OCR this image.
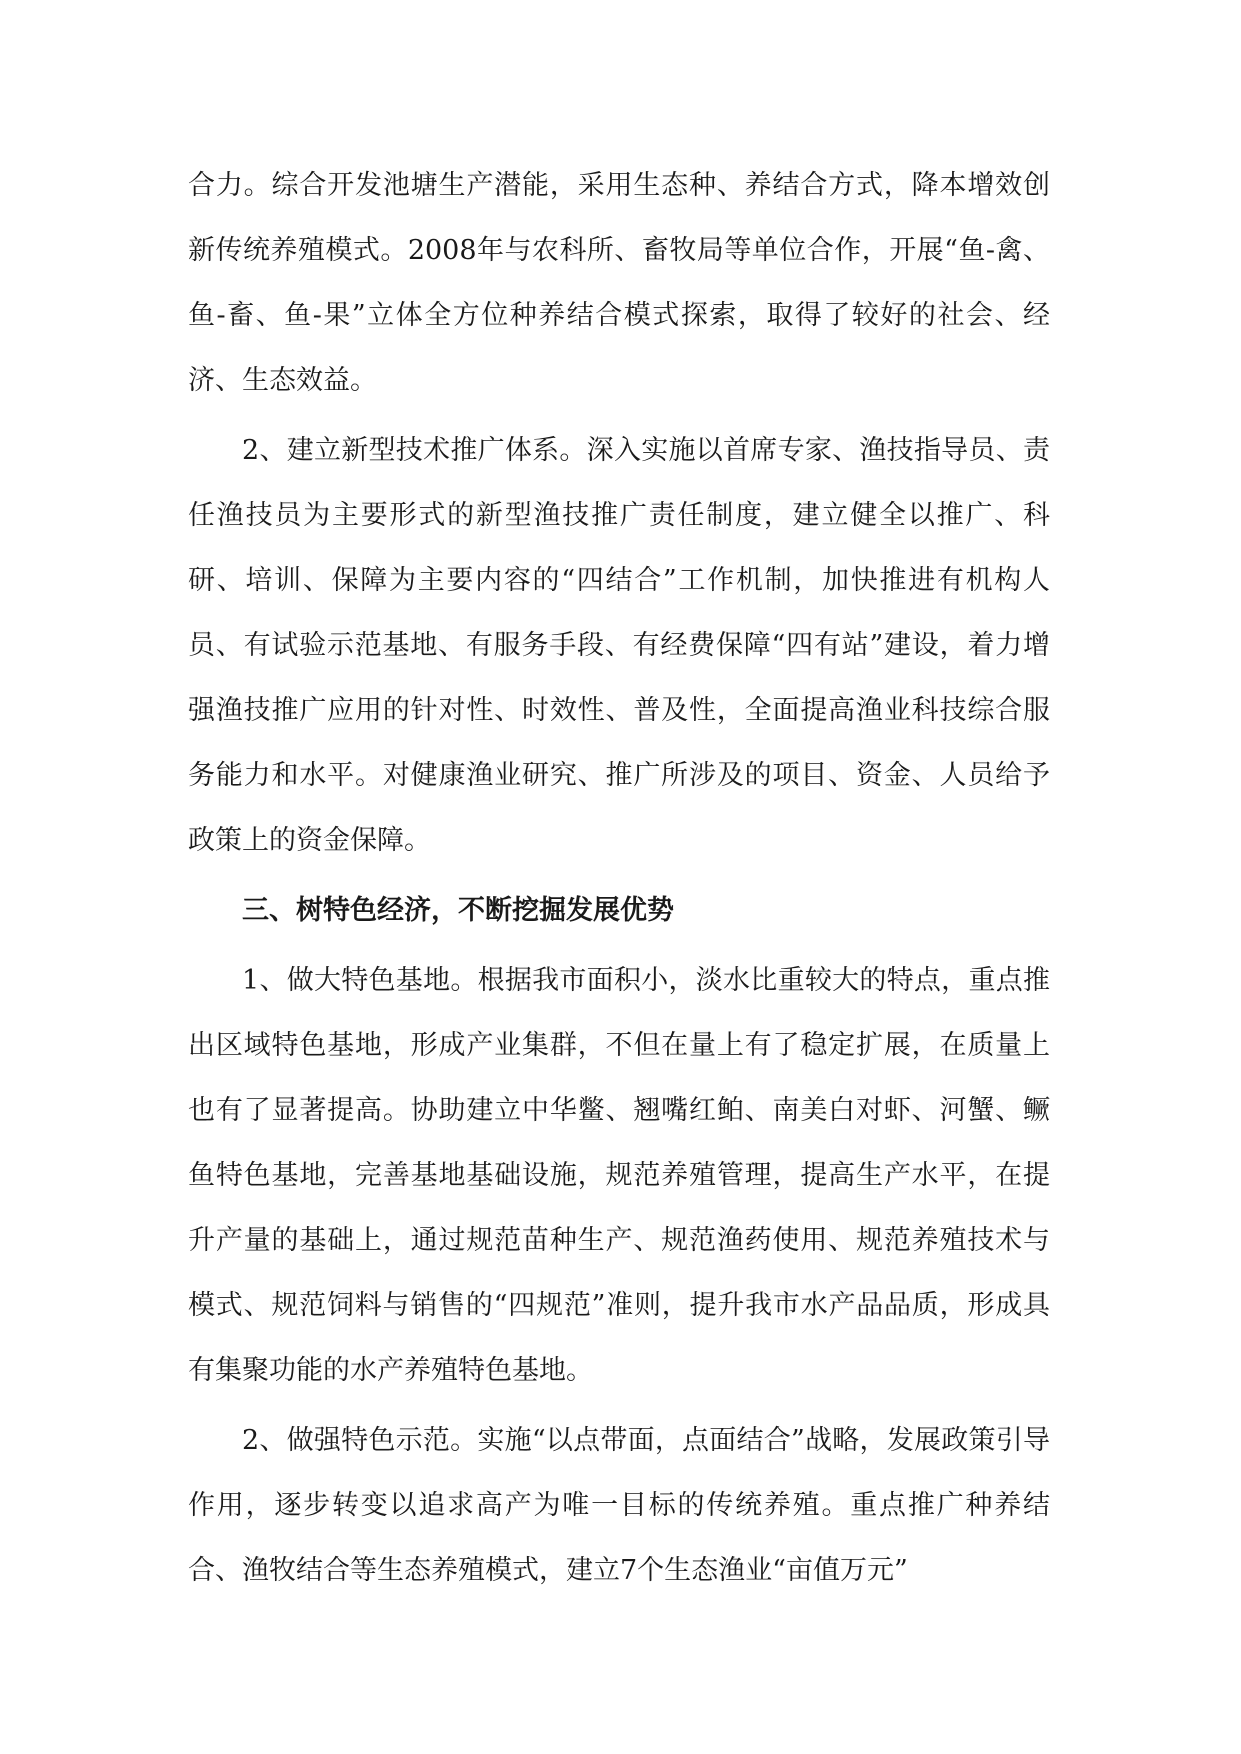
合力。综合开发池塘生产潜能，采用生态种、养结合方式，降本增效创新传统养殖模式。2008年与农科所、畜牧局等单位合作，开展“鱼-禽、鱼-畜、鱼-果”立体全方位种养结合模式探索，取得了较好的社会、经济、生态效益。

2、建立新型技术推广体系。深入实施以首席专家、渔技指导员、责任渔技员为主要形式的新型渔技推广责任制度，建立健全以推广、科研、培训、保障为主要内容的“四结合”工作机制，加快推进有机构人员、有试验示范基地、有服务手段、有经费保障“四有站”建设，着力增强渔技推广应用的针对性、时效性、普及性，全面提高渔业科技综合服务能力和水平。对健康渔业研究、推广所涉及的项目、资金、人员给予政策上的资金保障。

三、树特色经济，不断挖掘发展优势

1、做大特色基地。根据我市面积小，淡水比重较大的特点，重点推出区域特色基地，形成产业集群，不但在量上有了稳定扩展，在质量上也有了显著提高。协助建立中华鳖、翘嘴红鲌、南美白对虾、河蟹、鳜鱼特色基地，完善基地基础设施，规范养殖管理，提高生产水平，在提升产量的基础上，通过规范苗种生产、规范渔药使用、规范养殖技术与模式、规范饲料与销售的“四规范”准则，提升我市水产品品质，形成具有集聚功能的水产养殖特色基地。

2、做强特色示范。实施“以点带面，点面结合”战略，发展政策引导作用，逐步转变以追求高产为唯一目标的传统养殖。重点推广种养结合、渔牧结合等生态养殖模式，建立7个生态渔业“亩值万元”
